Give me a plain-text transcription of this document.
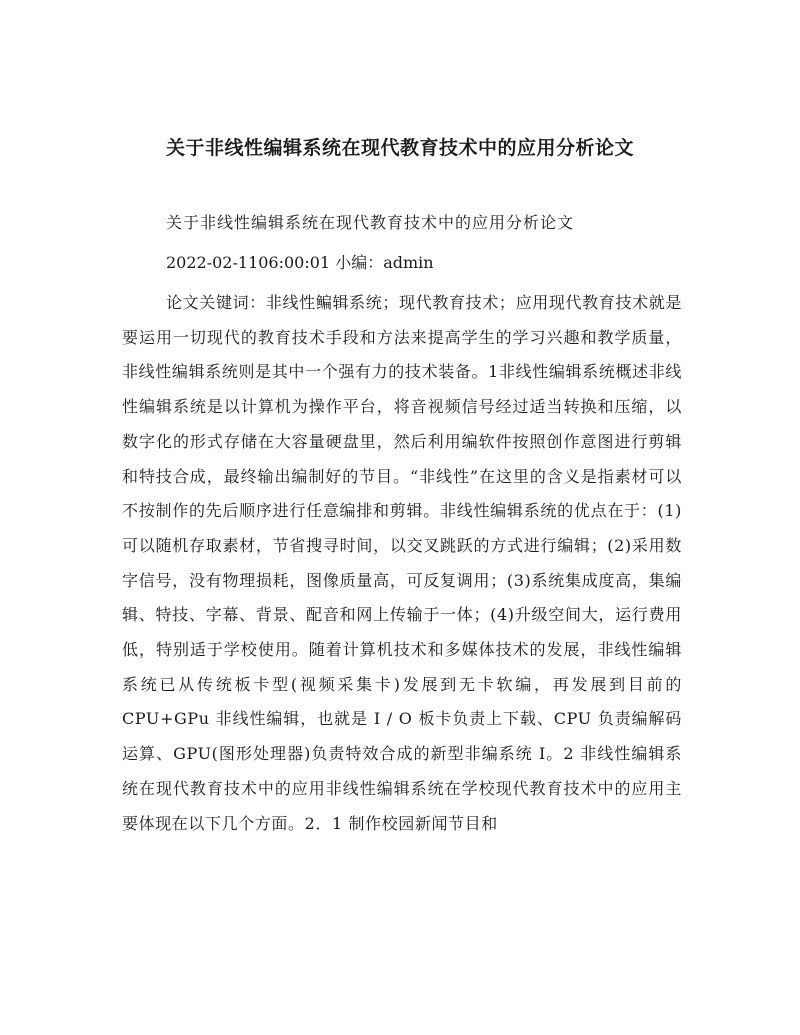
关于非线性编辑系统在现代教育技术中的应用分析论文

关于非线性编辑系统在现代教育技术中的应用分析论文

2022-02-1106:00:01 小编：admin

论文关键词：非线性鳊辑系统；现代教育技术；应用现代教育技术就是要运用一切现代的教育技术手段和方法来提高学生的学习兴趣和教学质量，非线性编辑系统则是其中一个强有力的技术装备。1非线性编辑系统概述非线性编辑系统是以计算机为操作平台，将音视频信号经过适当转换和压缩，以数字化的形式存储在大容量硬盘里，然后利用编软件按照创作意图进行剪辑和特技合成，最终输出编制好的节目。“非线性”在这里的含义是指素材可以不按制作的先后顺序进行任意编排和剪辑。非线性编辑系统的优点在于：(1)可以随机存取素材，节省搜寻时间，以交叉跳跃的方式进行编辑；(2)采用数字信号，没有物理损耗，图像质量高，可反复调用；(3)系统集成度高，集编辑、特技、字幕、背景、配音和网上传输于一体；(4)升级空间大，运行费用低，特别适于学校使用。随着计算机技术和多媒体技术的发展，非线性编辑系统已从传统板卡型(视频采集卡)发展到无卡软编，再发展到目前的 CPU+GPu 非线性编辑，也就是 I / O 板卡负责上下载、CPU 负责编解码运算、GPU(图形处理器)负责特效合成的新型非编系统 I。2 非线性编辑系统在现代教育技术中的应用非线性编辑系统在学校现代教育技术中的应用主要体现在以下几个方面。2．1 制作校园新闻节目和
